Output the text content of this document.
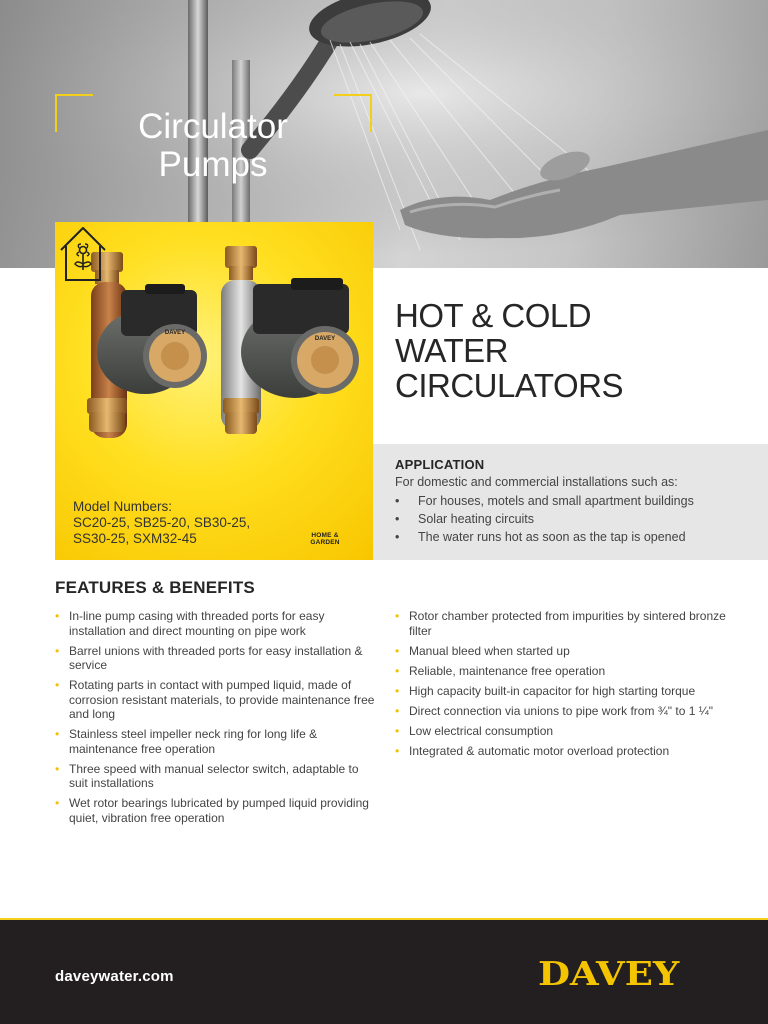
Circulator
Pumps
DAVEY
DAVEY
Model Numbers:
SC20-25, SB25-20, SB30-25, SS30-25, SXM32-45	HOME & GARDEN
HOT & COLD
WATER
CIRCULATORS
APPLICATION
For domestic and commercial installations such as:
• For houses, motels and small apartment buildings
• Solar heating circuits
• The water runs hot as soon as the tap is opened
FEATURES & BENEFITS
• In-line pump casing with threaded ports for easy installation and direct mounting on pipe work
• Barrel unions with threaded ports for easy installation & service
• Rotating parts in contact with pumped liquid, made of corrosion resistant materials, to provide maintenance free and long
• Stainless steel impeller neck ring for long life & maintenance free operation
• Three speed with manual selector switch, adaptable to suit installations
• Wet rotor bearings lubricated by pumped liquid providing quiet, vibration free operation
• Rotor chamber protected from impurities by sintered bronze filter
• Manual bleed when started up
• Reliable, maintenance free operation
• High capacity built-in capacitor for high starting torque
• Direct connection via unions to pipe work from ¾" to 1 ¼"
• Low electrical consumption
• Integrated & automatic motor overload protection
daveywater.com	DAVEY
